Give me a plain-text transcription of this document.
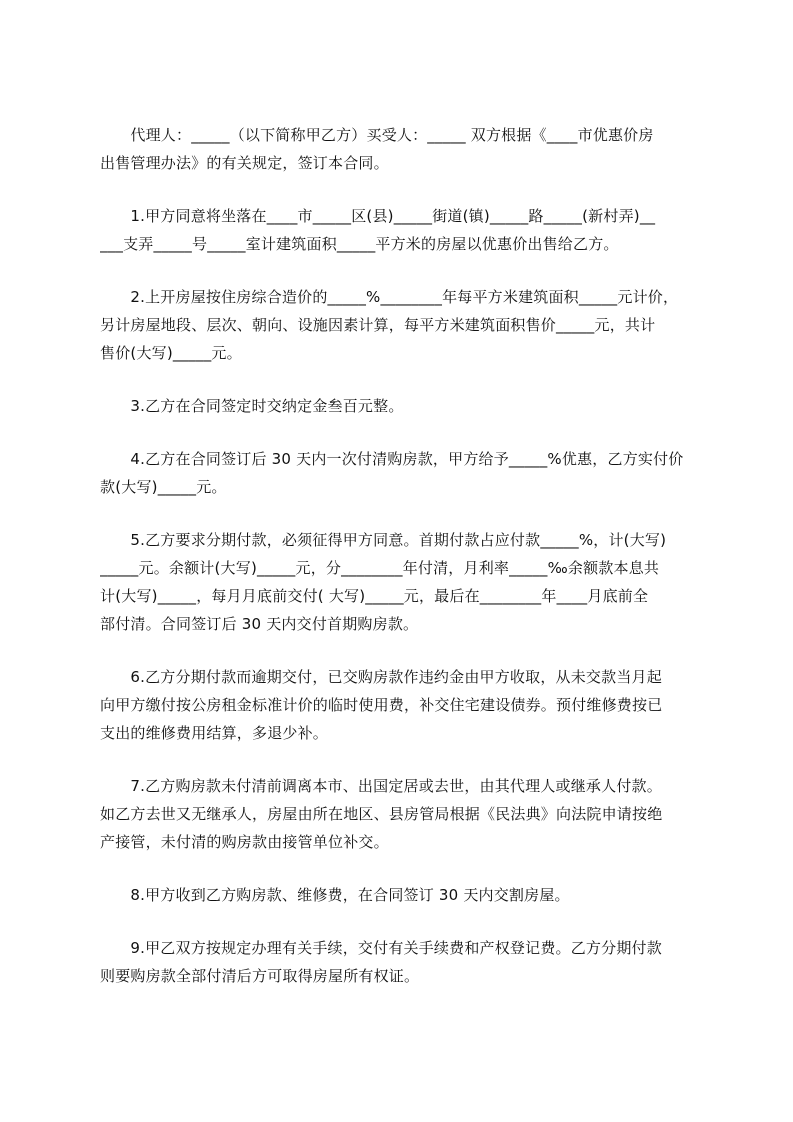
　　代理人：_____（以下简称甲乙方）买受人：_____ 双方根据《____市优惠价房
出售管理办法》的有关规定，签订本合同。

　　1.甲方同意将坐落在____市_____区(县)_____街道(镇)_____路_____(新村弄)__
___支弄_____号_____室计建筑面积_____平方米的房屋以优惠价出售给乙方。

　　2.上开房屋按住房综合造价的_____%________年每平方米建筑面积_____元计价，
另计房屋地段、层次、朝向、设施因素计算，每平方米建筑面积售价_____元，共计
售价(大写)_____元。

　　3.乙方在合同签定时交纳定金叁百元整。

　　4.乙方在合同签订后 30 天内一次付清购房款，甲方给予_____%优惠，乙方实付价
款(大写)_____元。

　　5.乙方要求分期付款，必须征得甲方同意。首期付款占应付款_____%，计(大写)
_____元。余额计(大写)_____元，分________年付清，月利率_____‰余额款本息共
计(大写)_____，每月月底前交付( 大写)_____元，最后在________年____月底前全
部付清。合同签订后 30 天内交付首期购房款。

　　6.乙方分期付款而逾期交付，已交购房款作违约金由甲方收取，从未交款当月起
向甲方缴付按公房租金标准计价的临时使用费，补交住宅建设债券。预付维修费按已
支出的维修费用结算，多退少补。

　　7.乙方购房款未付清前调离本市、出国定居或去世，由其代理人或继承人付款。
如乙方去世又无继承人，房屋由所在地区、县房管局根据《民法典》向法院申请按绝
产接管，未付清的购房款由接管单位补交。

　　8.甲方收到乙方购房款、维修费，在合同签订 30 天内交割房屋。

　　9.甲乙双方按规定办理有关手续，交付有关手续费和产权登记费。乙方分期付款
则要购房款全部付清后方可取得房屋所有权证。
